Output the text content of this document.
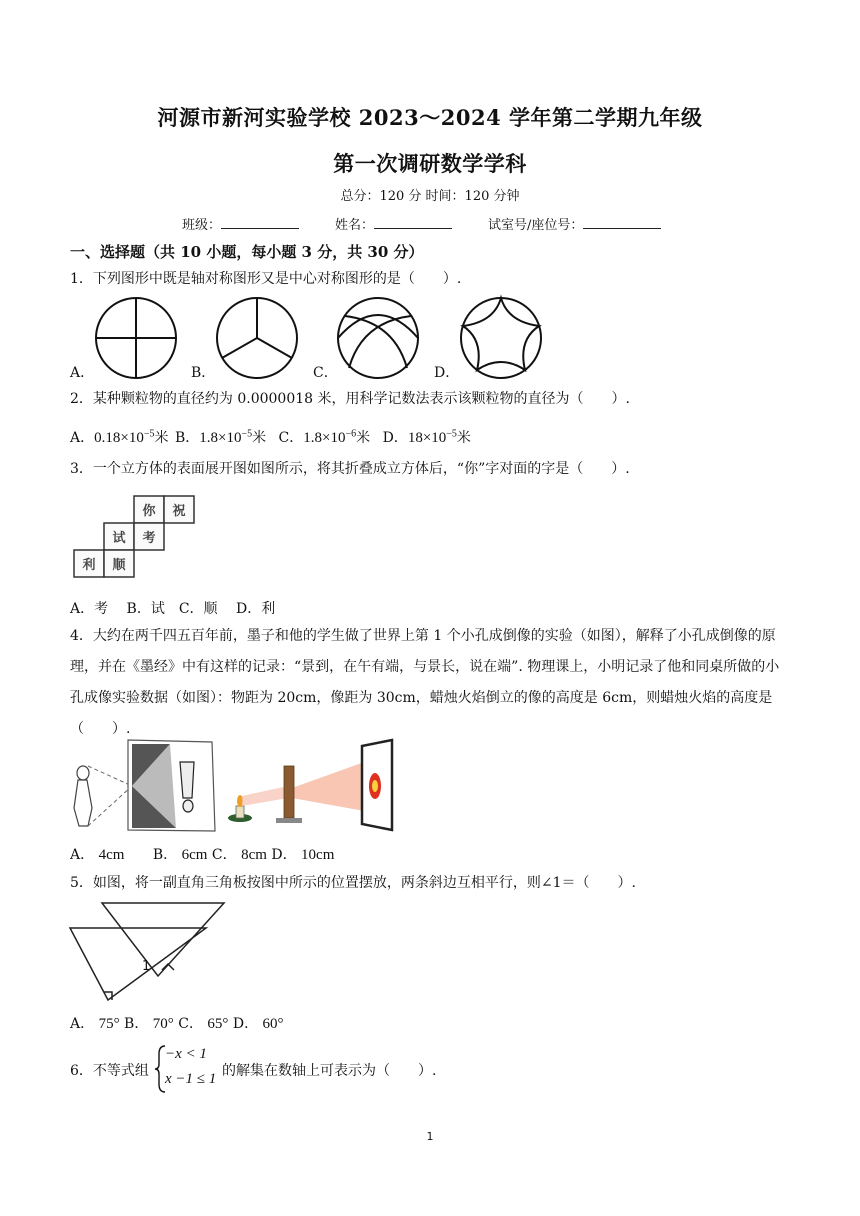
河源市新河实验学校 2023～2024 学年第二学期九年级
第一次调研数学学科
总分：120 分 时间：120 分钟
班级：	姓名：	试室号/座位号：
一、选择题（共 10 小题，每小题 3 分，共 30 分）
1．下列图形中既是轴对称图形又是中心对称图形的是（　　）.
A．	B．	C．	D．
2．某种颗粒物的直径约为 0.0000018 米，用科学记数法表示该颗粒物的直径为（　　）.
A．$0.18\times 10^{-5}$米 B．$1.8\times 10^{-5}$米 C．$1.8\times 10^{-6}$米 D．$18\times 10^{-5}$米
3．一个立方体的表面展开图如图所示，将其折叠成立方体后，“你”字对面的字是（　　）.
你 祝
试 考
利 顺
A．考　 B．试　C．顺　 D．利
4．大约在两千四五百年前，墨子和他的学生做了世界上第 1 个小孔成倒像的实验（如图），解释了小孔成倒像的原理，并在《墨经》中有这样的记录：“景到，在午有端，与景长，说在端”. 物理课上，小明记录了他和同桌所做的小孔成像实验数据（如图）：物距为 20cm，像距为 30cm，蜡烛火焰倒立的像的高度是 6cm，则蜡烛火焰的高度是（　　）.
A． 4cm B． 6cm C． 8cm D． 10cm
5．如图，将一副直角三角板按图中所示的位置摆放，两条斜边互相平行，则∠1＝（　　）.
1
A． 75° B． 70° C． 65° D． 60°
6．不等式组
−x < 1
x −1 ≤ 1 的解集在数轴上可表示为（　　）.
1
